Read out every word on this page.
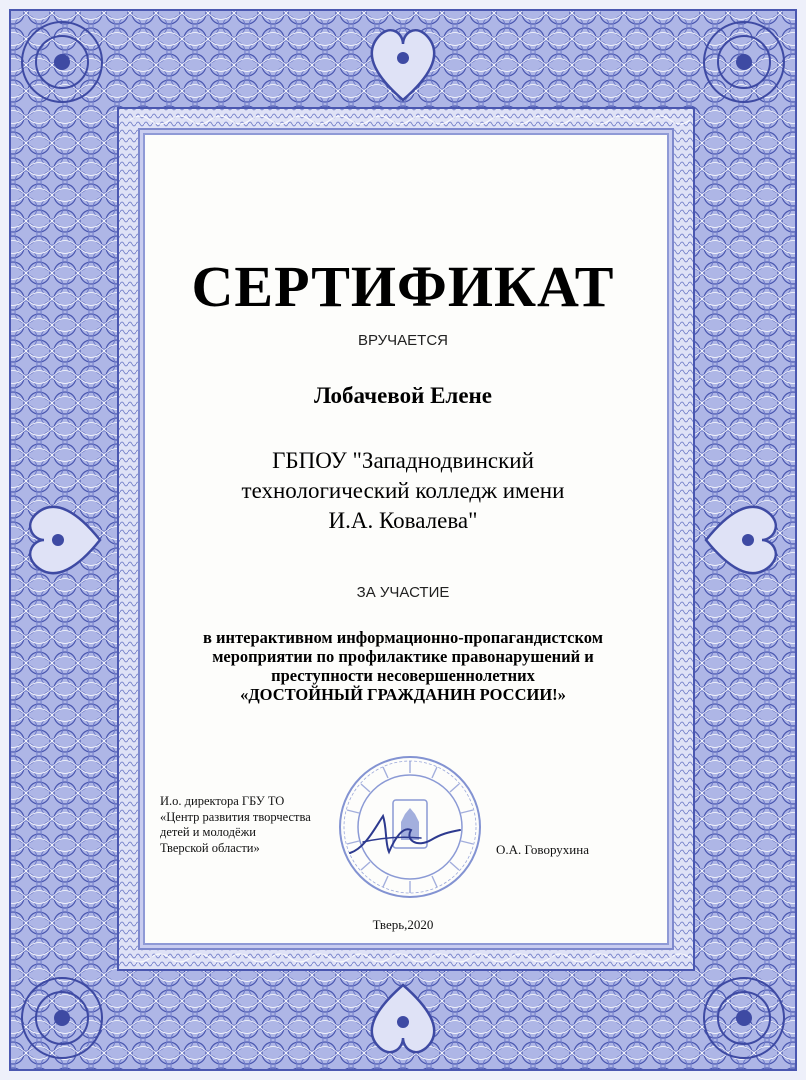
СЕРТИФИКАТ
ВРУЧАЕТСЯ
Лобачевой Елене
ГБПОУ "Западнодвинский
технологический колледж имени
И.А. Ковалева"
ЗА УЧАСТИЕ
в интерактивном информационно-пропагандистском
мероприятии по профилактике правонарушений и
преступности несовершеннолетних
«ДОСТОЙНЫЙ ГРАЖДАНИН РОССИИ!»
И.о. директора ГБУ ТО
«Центр развития творчества
детей и молодёжи
Тверской области»	О.А. Говорухина
Тверь,2020
